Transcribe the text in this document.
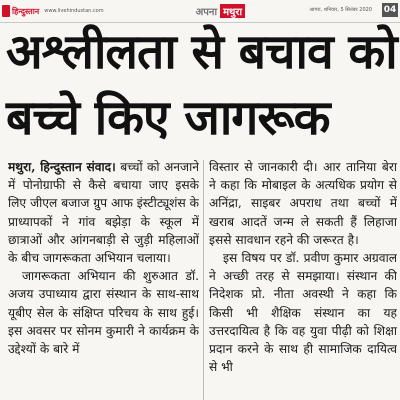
हिन्दुस्तान www.livehindustan.com	अपना मथुरा	आगरा, शनिवार, 5 सितंबर 2020 04
अश्लीलता से बचाव को
बच्चे किए जागरूक

मथुरा, हिन्दुस्तान संवाद। बच्चों को अनजाने में पोनोग्राफी से कैसे बचाया जाए इसके लिए जीएल बजाज ग्रुप आफ इंस्टीट्यूशंस के प्राध्यापकों ने गांव बझेड़ा के स्कूल में छात्राओं और आंगनबाड़ी से जुड़ी महिलाओं के बीच जागरूकता अभियान चलाया।

जागरूकता अभियान की शुरुआत डॉ. अजय उपाध्याय द्वारा संस्थान के साथ-साथ यूबीए सेल के संक्षिप्त परिचय के साथ हुई। इस अवसर पर सोनम कुमारी ने कार्यक्रम के उद्देश्यों के बारे में

विस्तार से जानकारी दी। आर तानिया बेरा ने कहा कि मोबाइल के अत्यधिक प्रयोग से अनिंद्रा, साइबर अपराध तथा बच्चों में खराब आदतें जन्म ले सकती हैं लिहाजा इससे सावधान रहने की जरूरत है।

इस विषय पर डॉ. प्रवीण कुमार अग्रवाल ने अच्छी तरह से समझाया। संस्थान की निदेशक प्रो. नीता अवस्थी ने कहा कि किसी भी शैक्षिक संस्थान का यह उत्तरदायित्व है कि वह युवा पीढ़ी को शिक्षा प्रदान करने के साथ ही सामाजिक दायित्व से भी
